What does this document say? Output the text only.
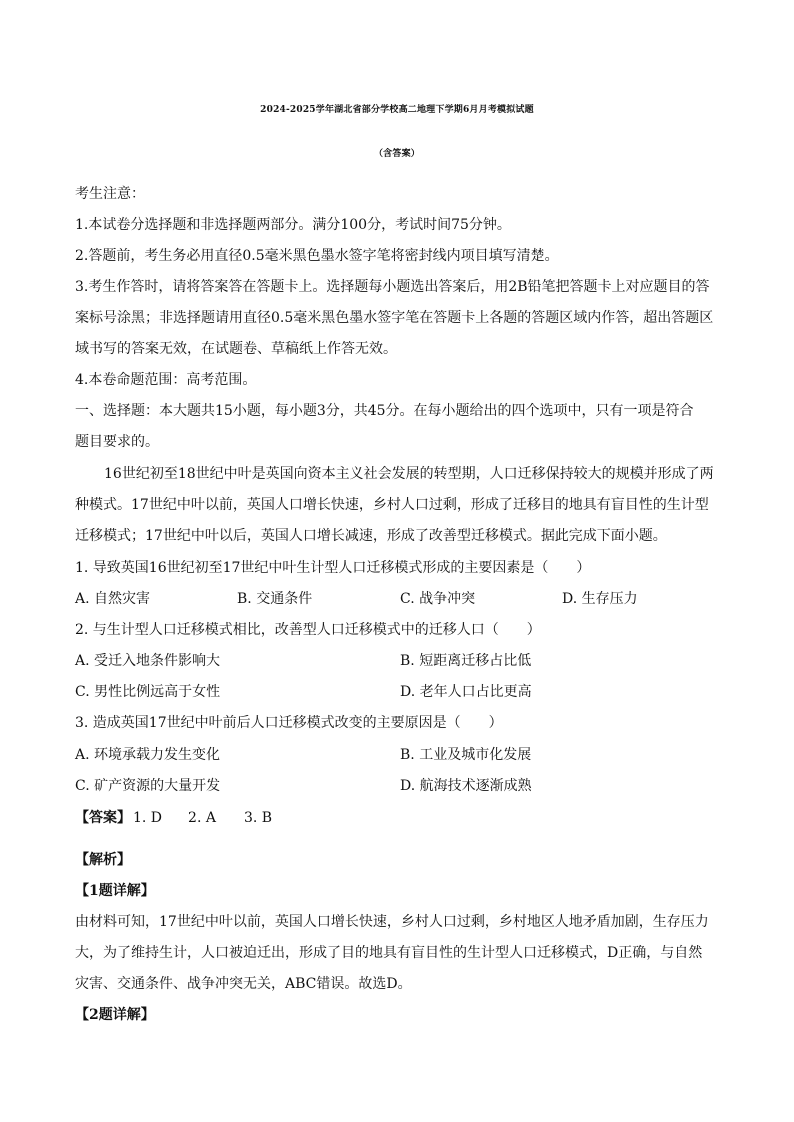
2024-2025学年湖北省部分学校高二地理下学期6月月考模拟试题
（含答案）
考生注意：
1.本试卷分选择题和非选择题两部分。满分100分，考试时间75分钟。
2.答题前，考生务必用直径0.5毫米黑色墨水签字笔将密封线内项目填写清楚。
3.考生作答时，请将答案答在答题卡上。选择题每小题选出答案后，用2B铅笔把答题卡上对应题目的答
案标号涂黑；非选择题请用直径0.5毫米黑色墨水签字笔在答题卡上各题的答题区域内作答，超出答题区
域书写的答案无效，在试题卷、草稿纸上作答无效。
4.本卷命题范围：高考范围。
一、选择题：本大题共15小题，每小题3分，共45分。在每小题给出的四个选项中，只有一项是符合
题目要求的。
16世纪初至18世纪中叶是英国向资本主义社会发展的转型期，人口迁移保持较大的规模并形成了两
种模式。17世纪中叶以前，英国人口增长快速，乡村人口过剩，形成了迁移目的地具有盲目性的生计型
迁移模式；17世纪中叶以后，英国人口增长减速，形成了改善型迁移模式。据此完成下面小题。
1. 导致英国16世纪初至17世纪中叶生计型人口迁移模式形成的主要因素是（　　）
A. 自然灾害	B. 交通条件	C. 战争冲突	D. 生存压力
2. 与生计型人口迁移模式相比，改善型人口迁移模式中的迁移人口（　　）
A. 受迁入地条件影响大	B. 短距离迁移占比低
C. 男性比例远高于女性	D. 老年人口占比更高
3. 造成英国17世纪中叶前后人口迁移模式改变的主要原因是（　　）
A. 环境承载力发生变化	B. 工业及城市化发展
C. 矿产资源的大量开发	D. 航海技术逐渐成熟
【答案】 1. D 2. A 3. B
【解析】
【1题详解】
由材料可知，17世纪中叶以前，英国人口增长快速，乡村人口过剩，乡村地区人地矛盾加剧，生存压力
大，为了维持生计，人口被迫迁出，形成了目的地具有盲目性的生计型人口迁移模式，D正确，与自然
灾害、交通条件、战争冲突无关，ABC错误。故选D。
【2题详解】
